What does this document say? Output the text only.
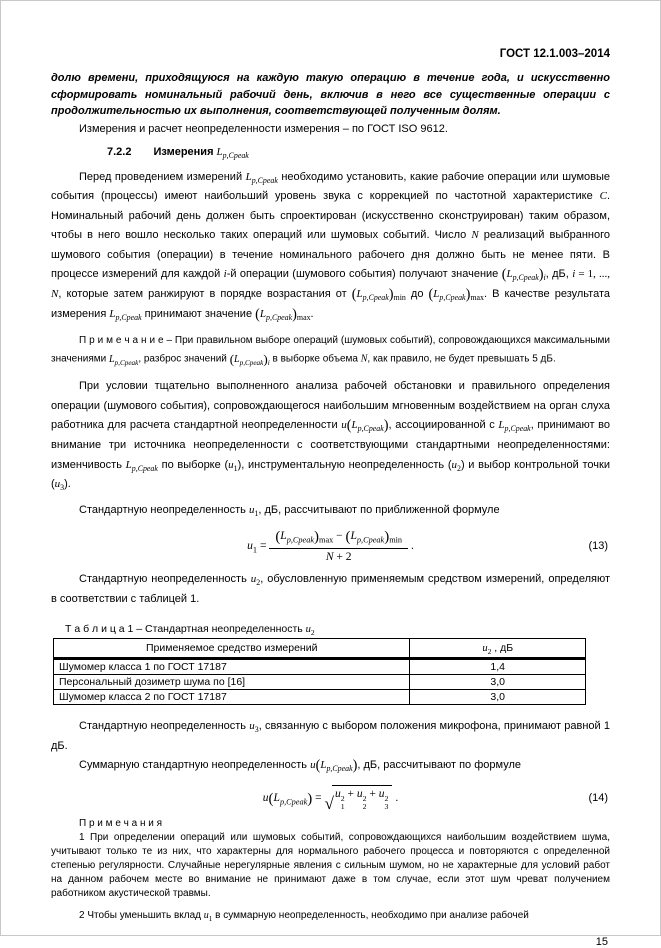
ГОСТ 12.1.003–2014

долю времени, приходящуюся на каждую такую операцию в течение года, и искусственно сформировать номинальный рабочий день, включив в него все существенные операции с продолжительностью их выполнения, соответствующей полученным долям.

Измерения и расчет неопределенности измерения – по ГОСТ ISO 9612.

7.2.2 Измерения $L_{p,Cpeak}$

Перед проведением измерений $L_{p,Cpeak}$ необходимо установить, какие рабочие операции или шумовые события (процессы) имеют наибольший уровень звука с коррекцией по частотной характеристике C. Номинальный рабочий день должен быть спроектирован (искусственно сконструирован) таким образом, чтобы в него вошло несколько таких операций или шумовых событий. Число N реализаций выбранного шумового события (операции) в течение номинального рабочего дня должно быть не менее пяти. В процессе измерений для каждой i-й операции (шумового события) получают значение $(L_{p,Cpeak})_i$, дБ, i = 1, ..., N, которые затем ранжируют в порядке возрастания от $(L_{p,Cpeak})_{min}$ до $(L_{p,Cpeak})_{max}$. В качестве результата измерения $L_{p,Cpeak}$ принимают значение $(L_{p,Cpeak})_{max}$.

П р и м е ч а н и е – При правильном выборе операций (шумовых событий), сопровождающихся максимальными значениями $L_{p,Cpeak}$, разброс значений $(L_{p,Cpeak})_i$ в выборке объема N, как правило, не будет превышать 5 дБ.

При условии тщательно выполненного анализа рабочей обстановки и правильного определения операции (шумового события), сопровождающегося наибольшим мгновенным воздействием на орган слуха работника для расчета стандартной неопределенности $u(L_{p,Cpeak})$, ассоциированной с $L_{p,Cpeak}$, принимают во внимание три источника неопределенности с соответствующими стандартными неопределенностями: изменчивость $L_{p,Cpeak}$ по выборке $(u_1)$, инструментальную неопределенность $(u_2)$ и выбор контрольной точки $(u_3)$.

Стандартную неопределенность $u_1$, дБ, рассчитывают по приближенной формуле

$u_1$ =
$(L_{p,Cpeak})_{max} - (L_{p,Cpeak})_{min}$
N + 2
.	(13)

Стандартную неопределенность $u_2$, обусловленную применяемым средством измерений, определяют в соответствии с таблицей 1.

Т а б л и ц а 1 – Стандартная неопределенность $u_2$
Применяемое средство измерений	$u_2$ , дБ
Шумомер класса 1 по ГОСТ 17187	1,4
Персональный дозиметр шума по [16]	3,0
Шумомер класса 2 по ГОСТ 17187	3,0

Стандартную неопределенность $u_3$, связанную с выбором положения микрофона, принимают равной 1 дБ.

Суммарную стандартную неопределенность $u(L_{p,Cpeak})$, дБ, рассчитывают по формуле

$u(L_{p,Cpeak})$ = √ u 2
1
+ u 2
2
+ u 2
3
.	(14)
П р и м е ч а н и я

1 При определении операций или шумовых событий, сопровождающихся наибольшим воздействием шума, учитывают только те из них, что характерны для нормального рабочего процесса и повторяются с определенной степенью регулярности. Случайные нерегулярные явления с сильным шумом, но не характерные для условий работ на данном рабочем месте во внимание не принимают даже в том случае, если этот шум чреват получением работником акустической травмы.

2 Чтобы уменьшить вклад $u_1$ в суммарную неопределенность, необходимо при анализе рабочей

15
